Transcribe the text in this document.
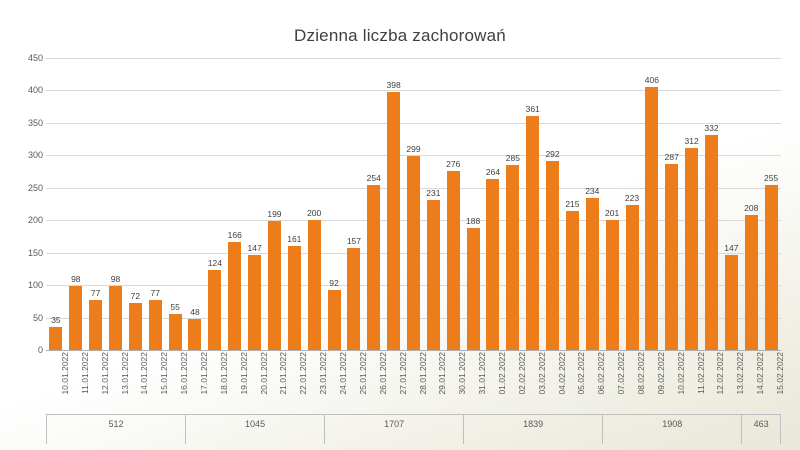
Dzienna liczba zachorowań
35
98
77
98
72	77
55	48
124
166
147
199
161
200
92
157
254
398
299
231
276
188
264
285
361
292
215
234
201
223
406
287
312
332
147
208
255
0
50
100
150
200
250
300
350
400
450
10.01.2022 11.01.2022 12.01.2022 13.01.2022 14.01.2022 15.01.2022 16.01.2022 17.01.2022 18.01.2022 19.01.2022 20.01.2022 21.01.2022 22.01.2022 23.01.2022 24.01.2022 25.01.2022 26.01.2022 27.01.2022 28.01.2022 29.01.2022 30.01.2022 31.01.2022 01.02.2022 02.02.2022 03.02.2022 04.02.2022 05.02.2022 06.02.2022 07.02.2022 08.02.2022 09.02.2022 10.02.2022 11.02.2022 12.02.2022 13.02.2022 14.02.2022 15.02.2022
512	1045	1707	1839	1908	463
